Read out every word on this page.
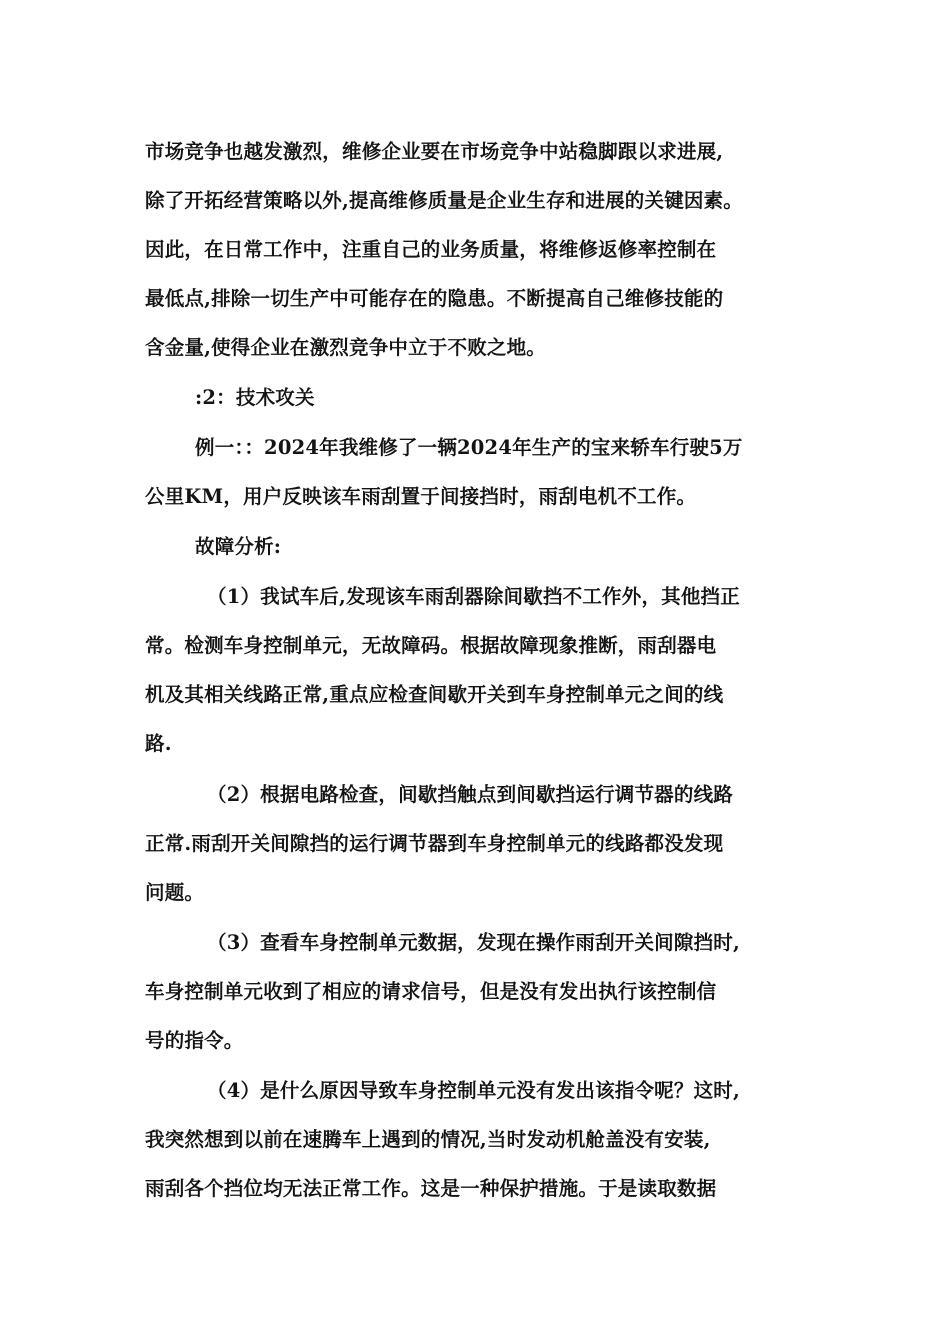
市场竞争也越发激烈，维修企业要在市场竞争中站稳脚跟以求进展,
除了开拓经营策略以外,提高维修质量是企业生存和进展的关键因素。
因此，在日常工作中，注重自己的业务质量，将维修返修率控制在
最低点,排除一切生产中可能存在的隐患。不断提高自己维修技能的
含金量,使得企业在激烈竞争中立于不败之地。
:2：技术攻关
例一：：2024年我维修了一辆2024年生产的宝来轿车行驶5万
公里KM，用户反映该车雨刮置于间接挡时，雨刮电机不工作。
故障分析:
（1）我试车后,发现该车雨刮器除间歇挡不工作外，其他挡正
常。检测车身控制单元，无故障码。根据故障现象推断，雨刮器电
机及其相关线路正常,重点应检查间歇开关到车身控制单元之间的线
路.
（2）根据电路检查，间歇挡触点到间歇挡运行调节器的线路
正常.雨刮开关间隙挡的运行调节器到车身控制单元的线路都没发现
问题。
（3）查看车身控制单元数据，发现在操作雨刮开关间隙挡时,
车身控制单元收到了相应的请求信号，但是没有发出执行该控制信
号的指令。
（4）是什么原因导致车身控制单元没有发出该指令呢？这时,
我突然想到以前在速腾车上遇到的情况,当时发动机舱盖没有安装,
雨刮各个挡位均无法正常工作。这是一种保护措施。于是读取数据
